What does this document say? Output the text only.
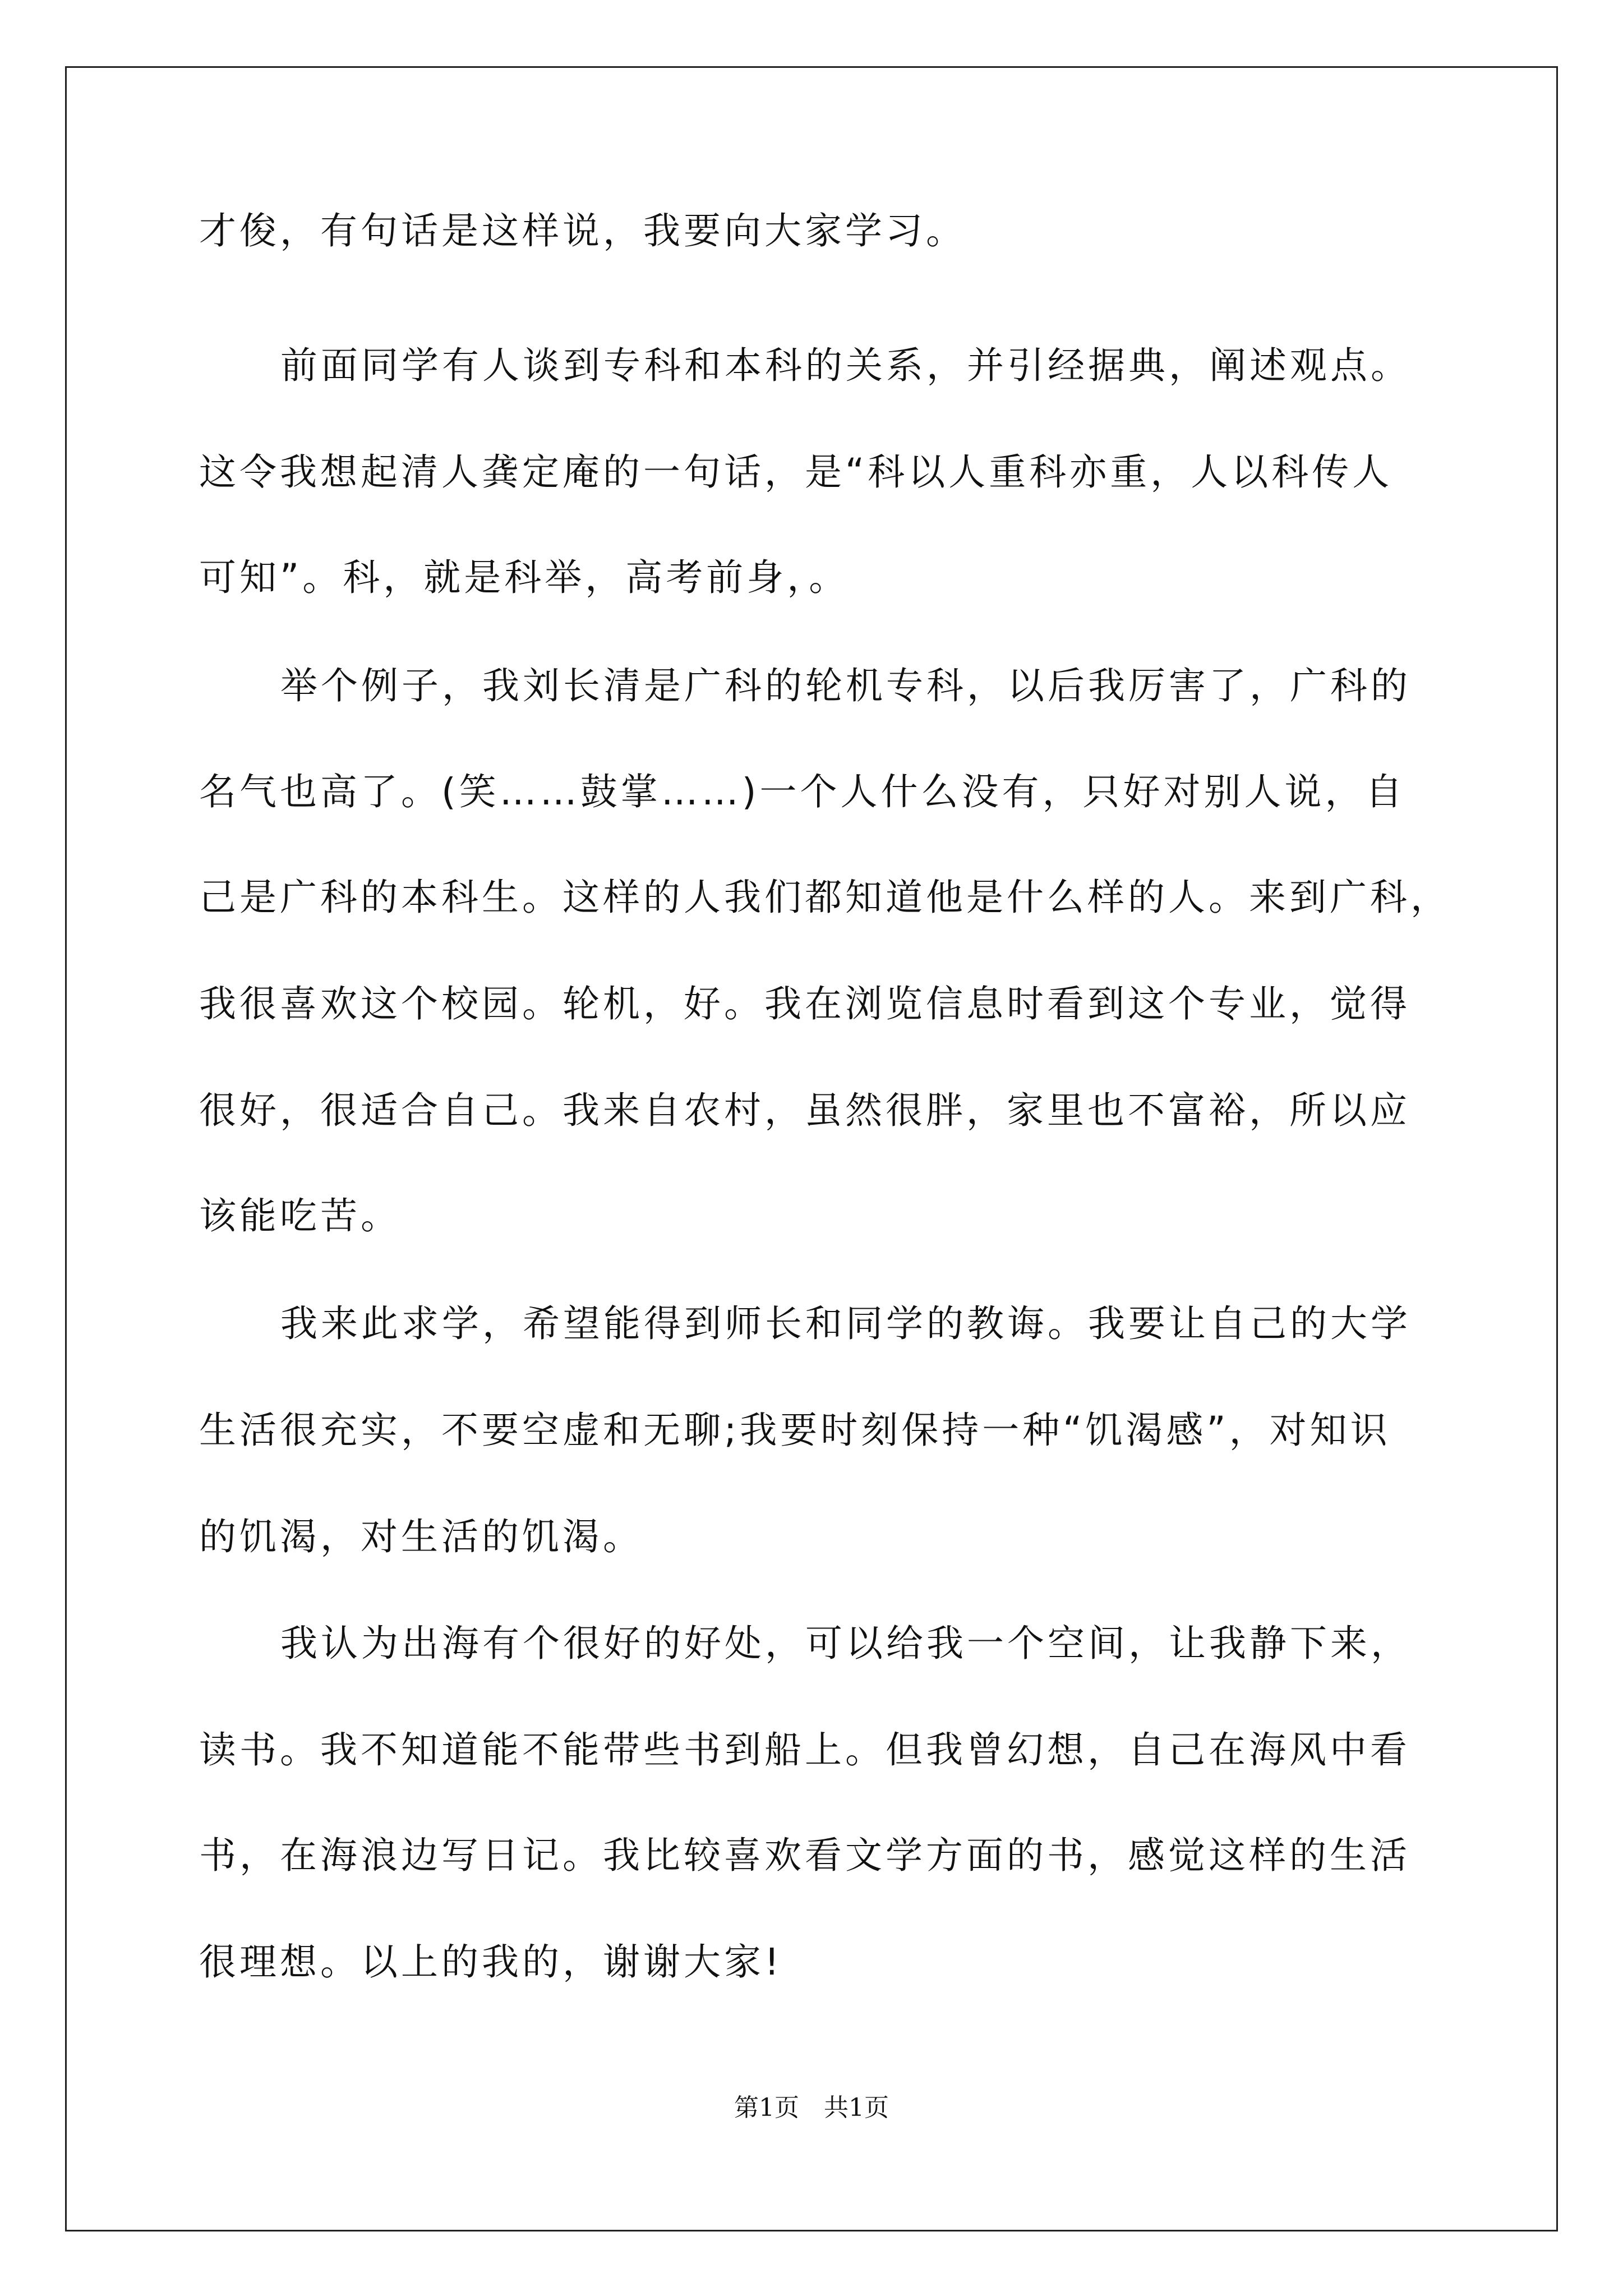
才俊，有句话是这样说，我要向大家学习。
前面同学有人谈到专科和本科的关系，并引经据典，阐述观点。
这令我想起清人龚定庵的一句话，是“科以人重科亦重，人以科传人
可知”。科，就是科举，高考前身，。
举个例子，我刘长清是广科的轮机专科，以后我厉害了，广科的
名气也高了。(笑……鼓掌……)一个人什么没有，只好对别人说，自
己是广科的本科生。这样的人我们都知道他是什么样的人。来到广科，
我很喜欢这个校园。轮机，好。我在浏览信息时看到这个专业，觉得
很好，很适合自己。我来自农村，虽然很胖，家里也不富裕，所以应
该能吃苦。
我来此求学，希望能得到师长和同学的教诲。我要让自己的大学
生活很充实，不要空虚和无聊;我要时刻保持一种“饥渴感”，对知识
的饥渴，对生活的饥渴。
我认为出海有个很好的好处，可以给我一个空间，让我静下来，
读书。我不知道能不能带些书到船上。但我曾幻想，自己在海风中看
书，在海浪边写日记。我比较喜欢看文学方面的书，感觉这样的生活
很理想。以上的我的，谢谢大家!
第1页　共1页
